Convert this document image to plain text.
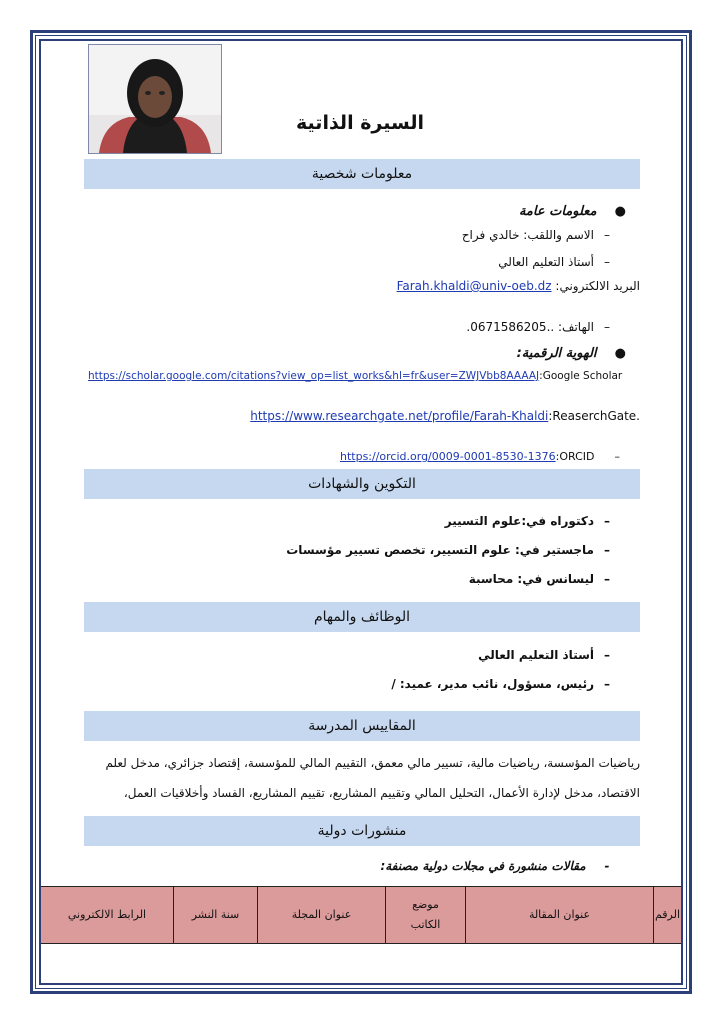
السيرة الذاتية
معلومات شخصية
●    معلومات عامة
–الاسم واللقب: خالدي فراح
–أستاذ التعليم العالي
البريد الالكتروني: Farah.khaldi@univ-oeb.dz
–الهاتف: ..0671586205.
●    الهوية الرقمية:
https://scholar.google.com/citations?view_op=list_works&hl=fr&user=ZWJVbb8AAAAJ:Google Scholar
https://www.researchgate.net/profile/Farah-Khaldi:ReaserchGate.
https://orcid.org/0009-0001-8530-1376:ORCID –
التكوين والشهادات
–دكتوراه في:علوم التسيير
–ماجستير في: علوم التسيير، تخصص تسيير مؤسسات
–ليسانس في: محاسبة
الوظائف والمهام
–أستاذ التعليم العالي
–رئيس، مسؤول، نائب مدير، عميد: /
المقاييس المدرسة
رياضيات المؤسسة، رياضيات مالية، تسيير مالي معمق، التقييم المالي للمؤسسة، إقتصاد جزائري، مدخل لعلم
الاقتصاد، مدخل لإدارة الأعمال، التحليل المالي وتقييم المشاريع، تقييم المشاريع، الفساد وأخلاقيات العمل،
منشورات دولية
-  مقالات منشورة في مجلات دولية مصنفة:
الرقم
عنوان المقالة
موضع الكاتب
عنوان المجلة
سنة النشر
الرابط الالكتروني
